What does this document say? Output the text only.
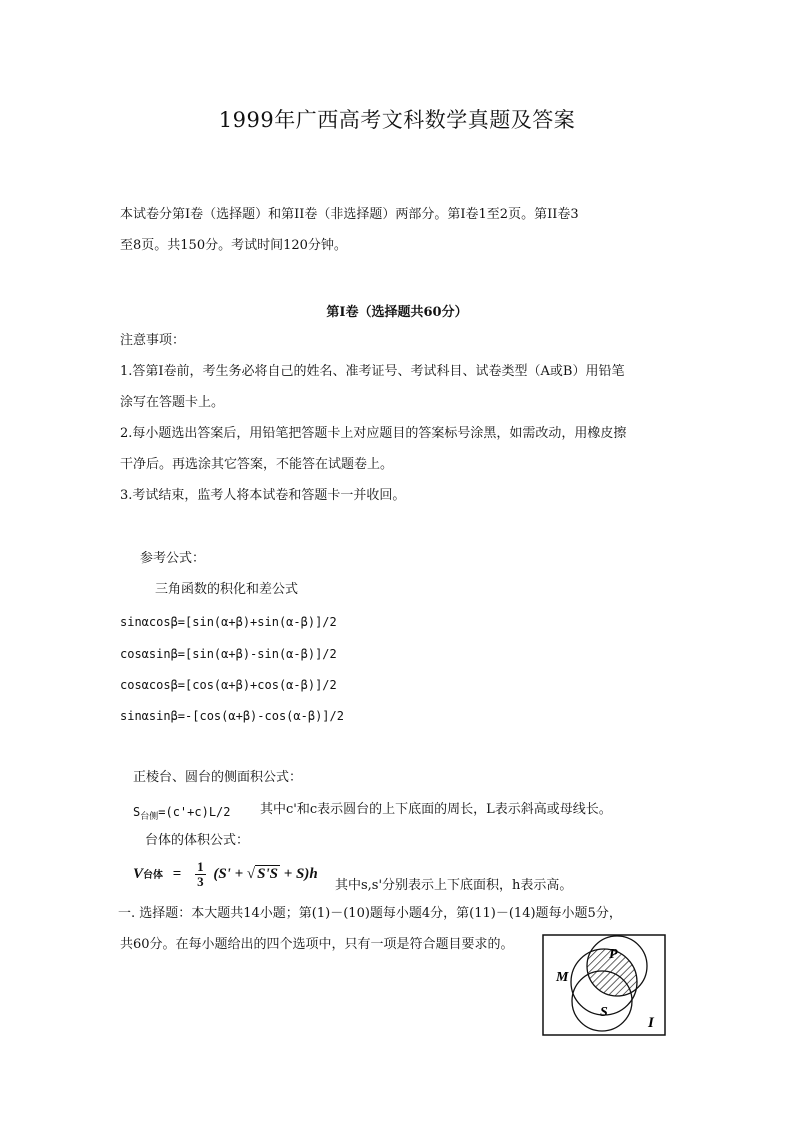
1999年广西高考文科数学真题及答案
本试卷分第Ⅰ卷（选择题）和第II卷（非选择题）两部分。第Ⅰ卷1至2页。第II卷3
至8页。共150分。考试时间120分钟。
第Ⅰ卷（选择题共60分）
注意事项：
1.答第Ⅰ卷前，考生务必将自己的姓名、准考证号、考试科目、试卷类型（A或B）用铅笔
涂写在答题卡上。
2.每小题选出答案后，用铅笔把答题卡上对应题目的答案标号涂黑，如需改动，用橡皮擦
干净后。再选涂其它答案，不能答在试题卷上。
3.考试结束，监考人将本试卷和答题卡一并收回。
参考公式：
三角函数的积化和差公式
sinαcosβ=[sin(α+β)+sin(α-β)]/2
cosαsinβ=[sin(α+β)-sin(α-β)]/2
cosαcosβ=[cos(α+β)+cos(α-β)]/2
sinαsinβ=-[cos(α+β)-cos(α-β)]/2
正棱台、圆台的侧面积公式：
$S_{台侧}=(c'+c)L/2$ 其中c'和c表示圆台的上下底面的周长，L表示斜高或母线长。
台体的体积公式：
V台体 = $\frac{1}{3} (S'$ + √ S'S + S)h
其中s,s'分别表示上下底面积，h表示高。
一. 选择题：本大题共14小题；第(1)－(10)题每小题4分，第(11)－(14)题每小题5分，
共60分。在每小题给出的四个选项中，只有一项是符合题目要求的。
M
P
S
I
